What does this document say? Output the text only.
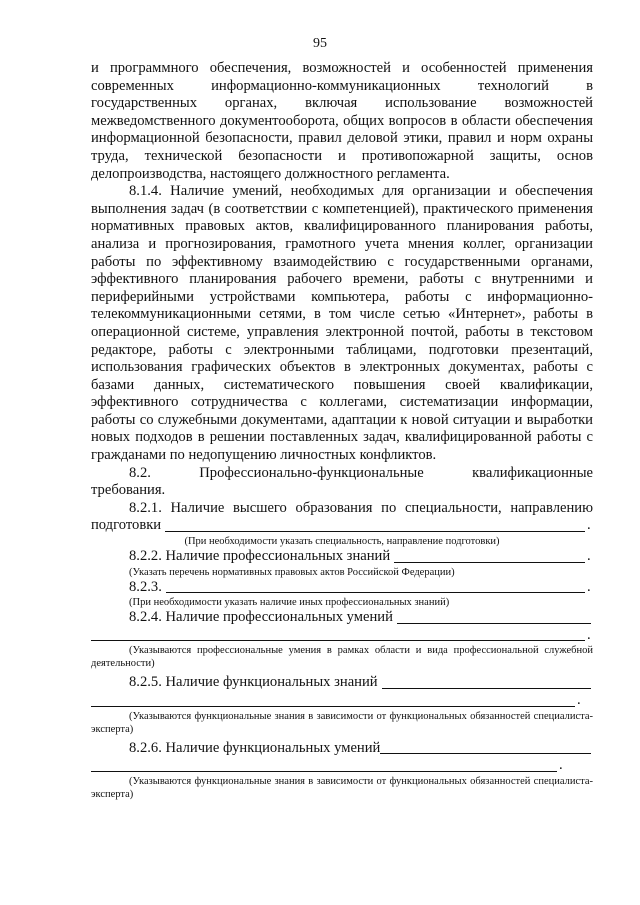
95

и программного обеспечения, возможностей и особенностей применения современных информационно-коммуникационных технологий в государственных органах, включая использование возможностей межведомственного документооборота, общих вопросов в области обеспечения информационной безопасности, правил деловой этики, правил и норм охраны труда, технической безопасности и противопожарной защиты, основ делопроизводства, настоящего должностного регламента.

8.1.4. Наличие умений, необходимых для организации и обеспечения выполнения задач (в соответствии с компетенцией), практического применения нормативных правовых актов, квалифицированного планирования работы, анализа и прогнозирования, грамотного учета мнения коллег, организации работы по эффективному взаимодействию с государственными органами, эффективного планирования рабочего времени, работы с внутренними и периферийными устройствами компьютера, работы с информационно-телекоммуникационными сетями, в том числе сетью «Интернет», работы в операционной системе, управления электронной почтой, работы в текстовом редакторе, работы с электронными таблицами, подготовки презентаций, использования графических объектов в электронных документах, работы с базами данных, систематического повышения своей квалификации, эффективного сотрудничества с коллегами, систематизации информации, работы со служебными документами, адаптации к новой ситуации и выработки новых подходов в решении поставленных задач, квалифицированной работы с гражданами по недопущению личностных конфликтов.

8.2. Профессионально-функциональные квалификационные

требования.

8.2.1. Наличие высшего образования по специальности, направлению

подготовки	.

(При необходимости указать специальность, направление подготовки)

8.2.2. Наличие профессиональных знаний	.

(Указать перечень нормативных правовых актов Российской Федерации)

8.2.3.	.

(При необходимости указать наличие иных профессиональных знаний)

8.2.4. Наличие профессиональных умений
.

(Указываются профессиональные умения в рамках области и вида профессиональной служебной деятельности)

8.2.5. Наличие функциональных знаний
.

(Указываются функциональные знания в зависимости от функциональных обязанностей специалиста-эксперта)

8.2.6. Наличие функциональных умений
.

(Указываются функциональные знания в зависимости от функциональных обязанностей специалиста-эксперта)
